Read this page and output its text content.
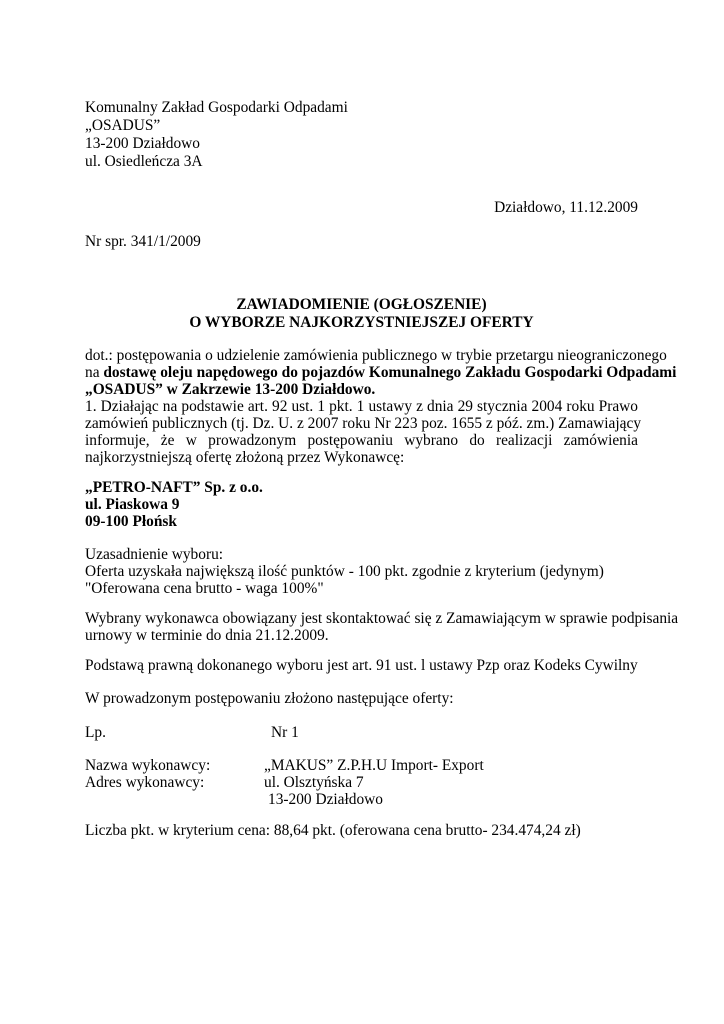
Komunalny Zakład Gospodarki Odpadami
„OSADUS”
13-200 Działdowo
ul. Osiedleńcza 3A
Działdowo, 11.12.2009
Nr spr. 341/1/2009
ZAWIADOMIENIE (OGŁOSZENIE)
O WYBORZE NAJKORZYSTNIEJSZEJ OFERTY
dot.: postępowania o udzielenie zamówienia publicznego w trybie przetargu nieograniczonego
na dostawę oleju napędowego do pojazdów Komunalnego Zakładu Gospodarki Odpadami
„OSADUS” w Zakrzewie 13-200 Działdowo.
1. Działając na podstawie art. 92 ust. 1 pkt. 1 ustawy z dnia 29 stycznia 2004 roku Prawo
zamówień publicznych (tj. Dz. U. z 2007 roku Nr 223 poz. 1655 z póź. zm.) Zamawiający
informuje, że w prowadzonym postępowaniu wybrano do realizacji zamówienia
najkorzystniejszą ofertę złożoną przez Wykonawcę:
„PETRO-NAFT” Sp. z o.o.
ul. Piaskowa 9
09-100 Płońsk
Uzasadnienie wyboru:
Oferta uzyskała największą ilość punktów - 100 pkt. zgodnie z kryterium (jedynym)
"Oferowana cena brutto - waga 100%"
Wybrany wykonawca obowiązany jest skontaktować się z Zamawiającym w sprawie podpisania
urnowy w terminie do dnia 21.12.2009.
Podstawą prawną dokonanego wyboru jest art. 91 ust. l ustawy Pzp oraz Kodeks Cywilny
W prowadzonym postępowaniu złożono następujące oferty:
Lp.	Nr 1
Nazwa wykonawcy:	„MAKUS” Z.P.H.U Import- Export
Adres wykonawcy:	ul. Olsztyńska 7
13-200 Działdowo
Liczba pkt. w kryterium cena: 88,64 pkt. (oferowana cena brutto- 234.474,24 zł)
